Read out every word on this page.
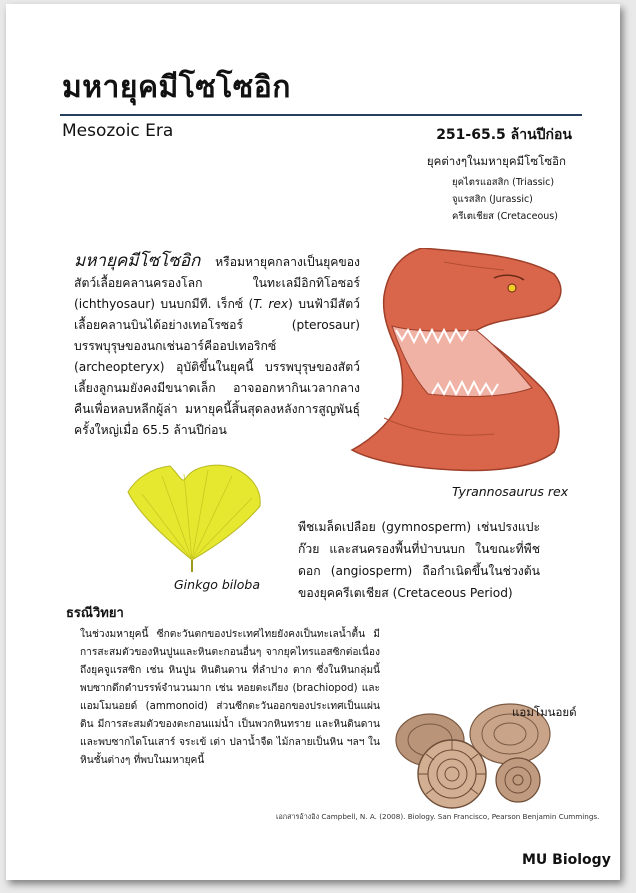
มหายุคมีโซโซอิก
Mesozoic Era	251-65.5 ล้านปีก่อน
ยุคต่างๆในมหายุคมีโซโซอิก
ยุคไตรแอสสิก (Triassic)
จูแรสสิก (Jurassic)
ครีเตเชียส (Cretaceous)
มหายุคมีโซโซอิก หรือมหายุคกลางเป็นยุคของสัตว์เลื้อยคลานครองโลก ในทะเลมีอิกทิโอซอร์ (ichthyosaur) บนบกมีที. เร็กซ์ (T. rex) บนฟ้ามีสัตว์เลื้อยคลานบินได้อย่างเทอโรซอร์ (pterosaur) บรรพบุรุษของนกเช่นอาร์คีออปเทอริกซ์ (archeopteryx) อุบัติขึ้นในยุคนี้ บรรพบุรุษของสัตว์เลี้ยงลูกนมยังคงมีขนาดเล็ก อาจออกหากินเวลากลางคืนเพื่อหลบหลีกผู้ล่า มหายุคนี้สิ้นสุดลงหลังการสูญพันธุ์ครั้งใหญ่เมื่อ 65.5 ล้านปีก่อน
Tyrannosaurus rex
Ginkgo biloba
พืชเมล็ดเปลือย (gymnosperm) เช่นปรงแปะก๊วย และสนครองพื้นที่ป่าบนบก ในขณะที่พืชดอก (angiosperm) ถือกำเนิดขึ้นในช่วงต้นของยุคครีเตเชียส (Cretaceous Period)
ธรณีวิทยา
ในช่วงมหายุคนี้ ซีกตะวันตกของประเทศไทยยังคงเป็นทะเลน้ำตื้น มีการสะสมตัวของหินปูนและหินตะกอนอื่นๆ จากยุคไทรแอสซิกต่อเนื่องถึงยุคจูแรสซิก เช่น หินปูน หินดินดาน ที่ลำปาง ตาก ซึ่งในหินกลุ่มนี้ พบซากดึกดำบรรพ์จำนวนมาก เช่น หอยตะเกียง (brachiopod) และแอมโมนอยด์ (ammonoid) ส่วนซีกตะวันออกของประเทศเป็นแผ่นดิน มีการสะสมตัวของตะกอนแม่น้ำ เป็นพวกหินทราย และหินดินดาน และพบซากไดโนเสาร์ จระเข้ เต่า ปลาน้ำจืด ไม้กลายเป็นหิน ฯลฯ ในหินชั้นต่างๆ ที่พบในมหายุคนี้
แอมโมนอยด์
เอกสารอ้างอิง Campbell, N. A. (2008). Biology. San Francisco, Pearson Benjamin Cummings.
MU Biology
